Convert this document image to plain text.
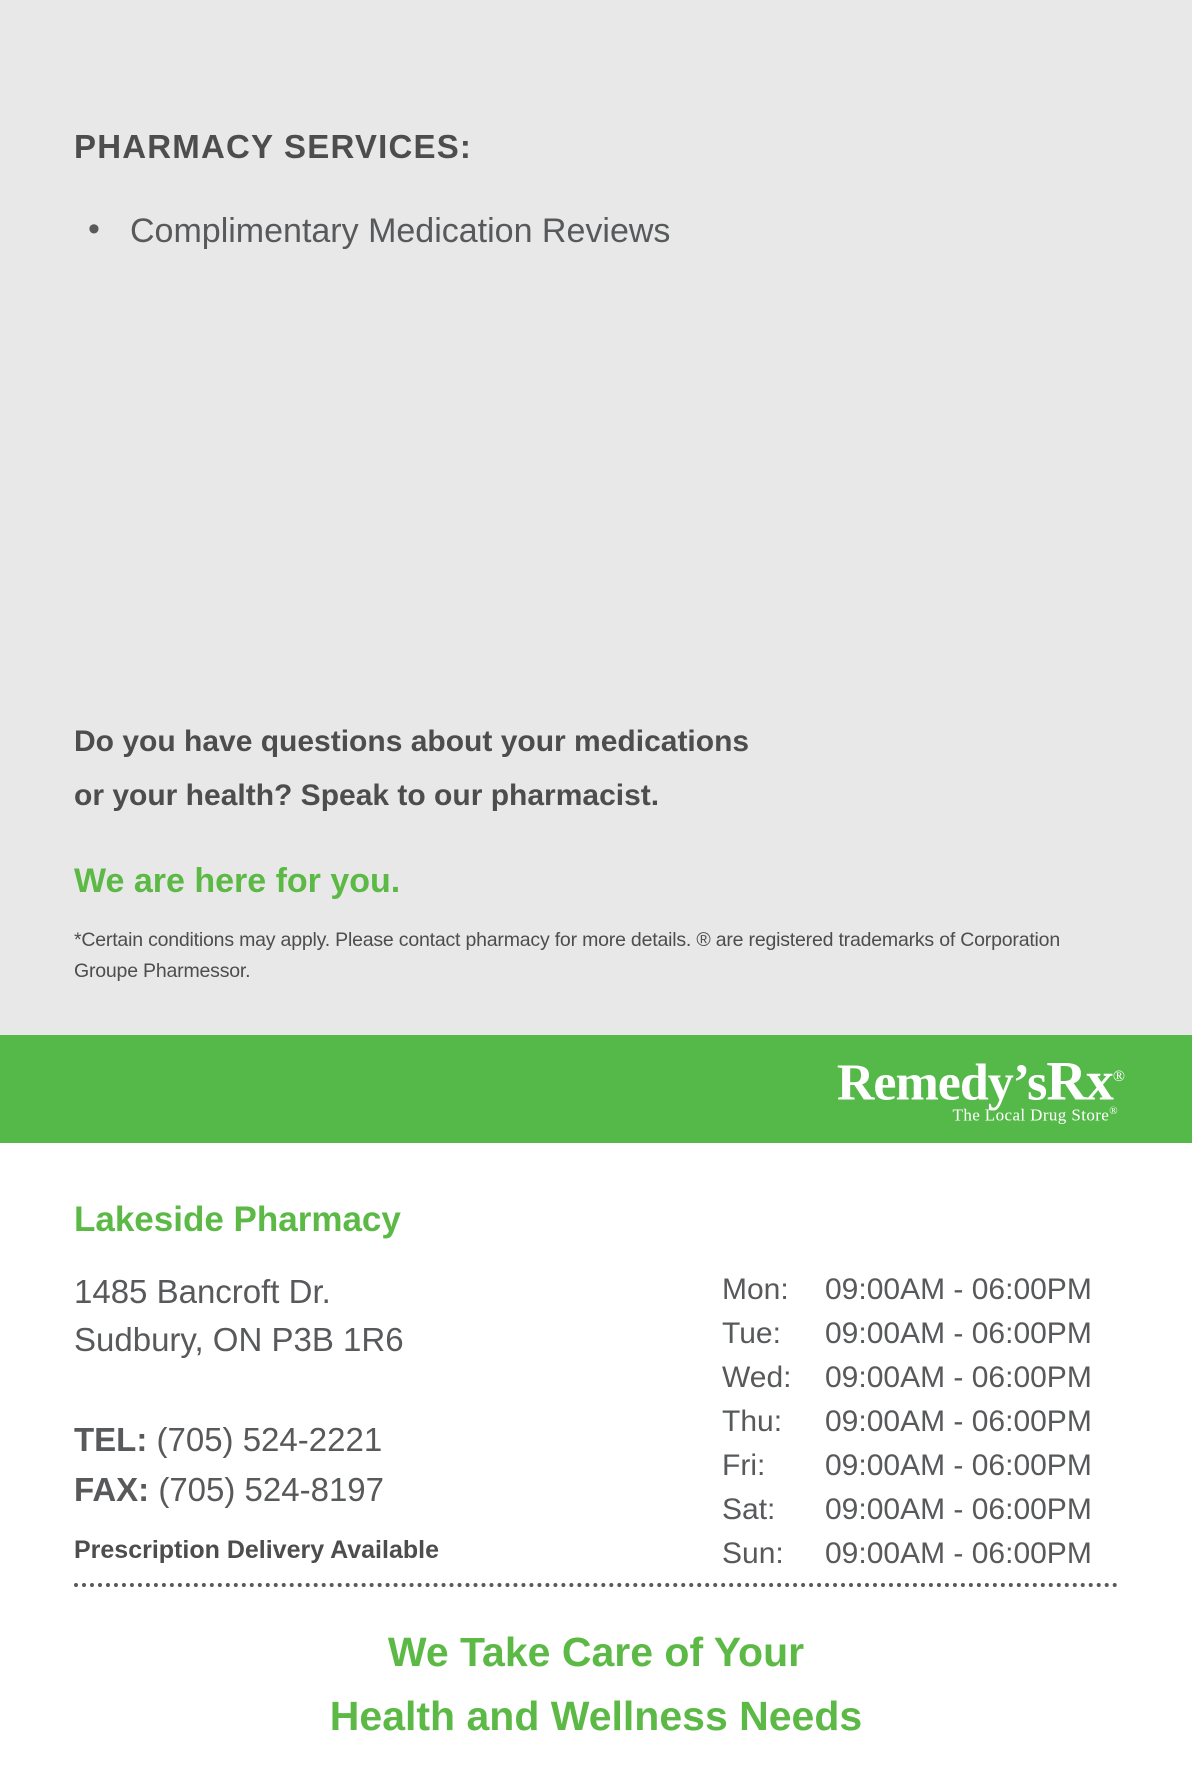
PHARMACY SERVICES:
• Complimentary Medication Reviews
Do you have questions about your medications
or your health? Speak to our pharmacist.
We are here for you.
*Certain conditions may apply. Please contact pharmacy for more details. ® are registered trademarks of Corporation Groupe Pharmessor.
Remedy’sRx®
The Local Drug Store®
Lakeside Pharmacy
1485 Bancroft Dr.
Sudbury, ON P3B 1R6
TEL: (705) 524-2221
FAX: (705) 524-8197
Prescription Delivery Available
Mon:	09:00AM - 06:00PM
Tue:	09:00AM - 06:00PM
Wed:	09:00AM - 06:00PM
Thu:	09:00AM - 06:00PM
Fri:	09:00AM - 06:00PM
Sat:	09:00AM - 06:00PM
Sun:	09:00AM - 06:00PM
We Take Care of Your
Health and Wellness Needs
